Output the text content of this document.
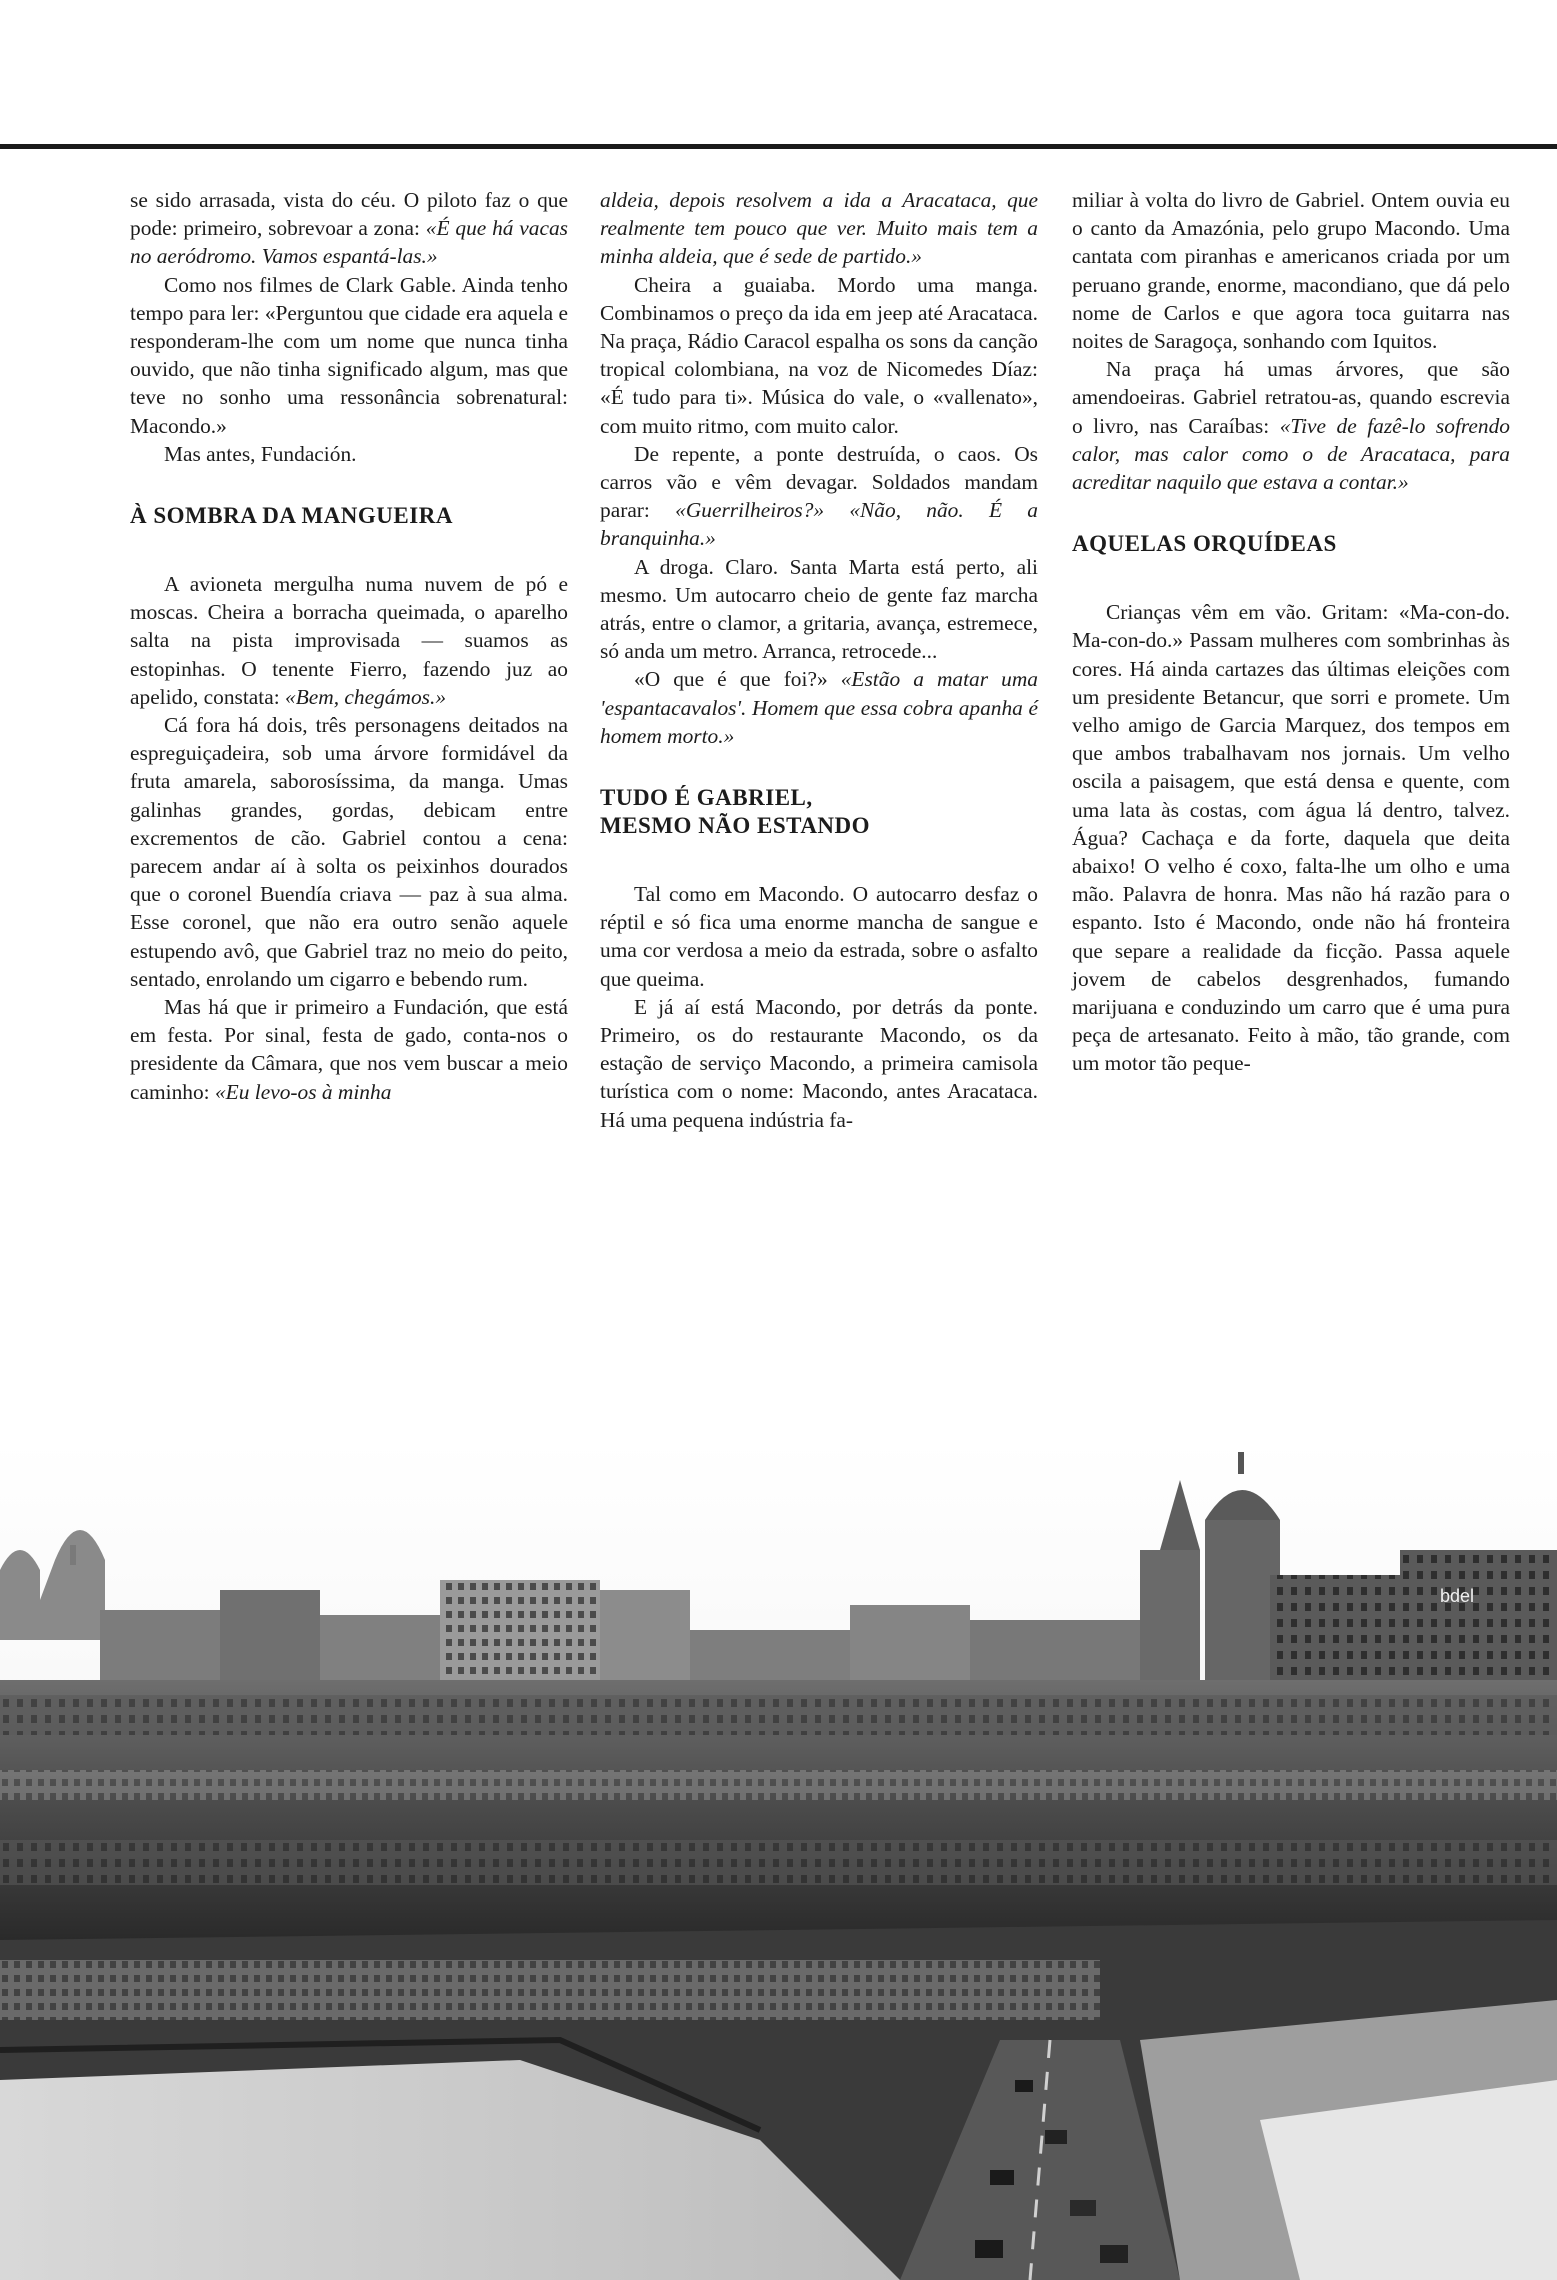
se sido arrasada, vista do céu. O piloto faz o que pode: primeiro, sobrevoar a zona: «É que há vacas no aeródromo. Vamos espantá-las.»

Como nos filmes de Clark Gable. Ainda tenho tempo para ler: «Perguntou que cidade era aquela e responderam-lhe com um nome que nunca tinha ouvido, que não tinha significado algum, mas que teve no sonho uma ressonância sobrenatural: Macondo.»

Mas antes, Fundación.

À SOMBRA DA MANGUEIRA

A avioneta mergulha numa nuvem de pó e moscas. Cheira a borracha queimada, o aparelho salta na pista improvisada — suamos as estopinhas. O tenente Fierro, fazendo juz ao apelido, constata: «Bem, chegámos.»

Cá fora há dois, três personagens deitados na espreguiçadeira, sob uma árvore formidável da fruta amarela, saborosíssima, da manga. Umas galinhas grandes, gordas, debicam entre excrementos de cão. Gabriel contou a cena: parecem andar aí à solta os peixinhos dourados que o coronel Buendía criava — paz à sua alma. Esse coronel, que não era outro senão aquele estupendo avô, que Gabriel traz no meio do peito, sentado, enrolando um cigarro e bebendo rum.

Mas há que ir primeiro a Fundación, que está em festa. Por sinal, festa de gado, conta-nos o presidente da Câmara, que nos vem buscar a meio caminho: «Eu levo-os à minha

aldeia, depois resolvem a ida a Aracataca, que realmente tem pouco que ver. Muito mais tem a minha aldeia, que é sede de partido.»

Cheira a guaiaba. Mordo uma manga. Combinamos o preço da ida em jeep até Aracataca. Na praça, Rádio Caracol espalha os sons da canção tropical colombiana, na voz de Nicomedes Díaz: «É tudo para ti». Música do vale, o «vallenato», com muito ritmo, com muito calor.

De repente, a ponte destruída, o caos. Os carros vão e vêm devagar. Soldados mandam parar: «Guerrilheiros?» «Não, não. É a branquinha.»

A droga. Claro. Santa Marta está perto, ali mesmo. Um autocarro cheio de gente faz marcha atrás, entre o clamor, a gritaria, avança, estremece, só anda um metro. Arranca, retrocede...

«O que é que foi?» «Estão a matar uma 'espantacavalos'. Homem que essa cobra apanha é homem morto.»

TUDO É GABRIEL,
MESMO NÃO ESTANDO

Tal como em Macondo. O autocarro desfaz o réptil e só fica uma enorme mancha de sangue e uma cor verdosa a meio da estrada, sobre o asfalto que queima.

E já aí está Macondo, por detrás da ponte. Primeiro, os do restaurante Macondo, os da estação de serviço Macondo, a primeira camisola turística com o nome: Macondo, antes Aracataca. Há uma pequena indústria fa-

miliar à volta do livro de Gabriel. Ontem ouvia eu o canto da Amazónia, pelo grupo Macondo. Uma cantata com piranhas e americanos criada por um peruano grande, enorme, macondiano, que dá pelo nome de Carlos e que agora toca guitarra nas noites de Saragoça, sonhando com Iquitos.

Na praça há umas árvores, que são amendoeiras. Gabriel retratou-as, quando escrevia o livro, nas Caraíbas: «Tive de fazê-lo sofrendo calor, mas calor como o de Aracataca, para acreditar naquilo que estava a contar.»

AQUELAS ORQUÍDEAS

Crianças vêm em vão. Gritam: «Ma-con-do. Ma-con-do.» Passam mulheres com sombrinhas às cores. Há ainda cartazes das últimas eleições com um presidente Betancur, que sorri e promete. Um velho amigo de Garcia Marquez, dos tempos em que ambos trabalhavam nos jornais. Um velho oscila a paisagem, que está densa e quente, com uma lata às costas, com água lá dentro, talvez. Água? Cachaça e da forte, daquela que deita abaixo! O velho é coxo, falta-lhe um olho e uma mão. Palavra de honra. Mas não há razão para o espanto. Isto é Macondo, onde não há fronteira que separe a realidade da ficção. Passa aquele jovem de cabelos desgrenhados, fumando marijuana e conduzindo um carro que é uma pura peça de artesanato. Feito à mão, tão grande, com um motor tão peque-

bdel
